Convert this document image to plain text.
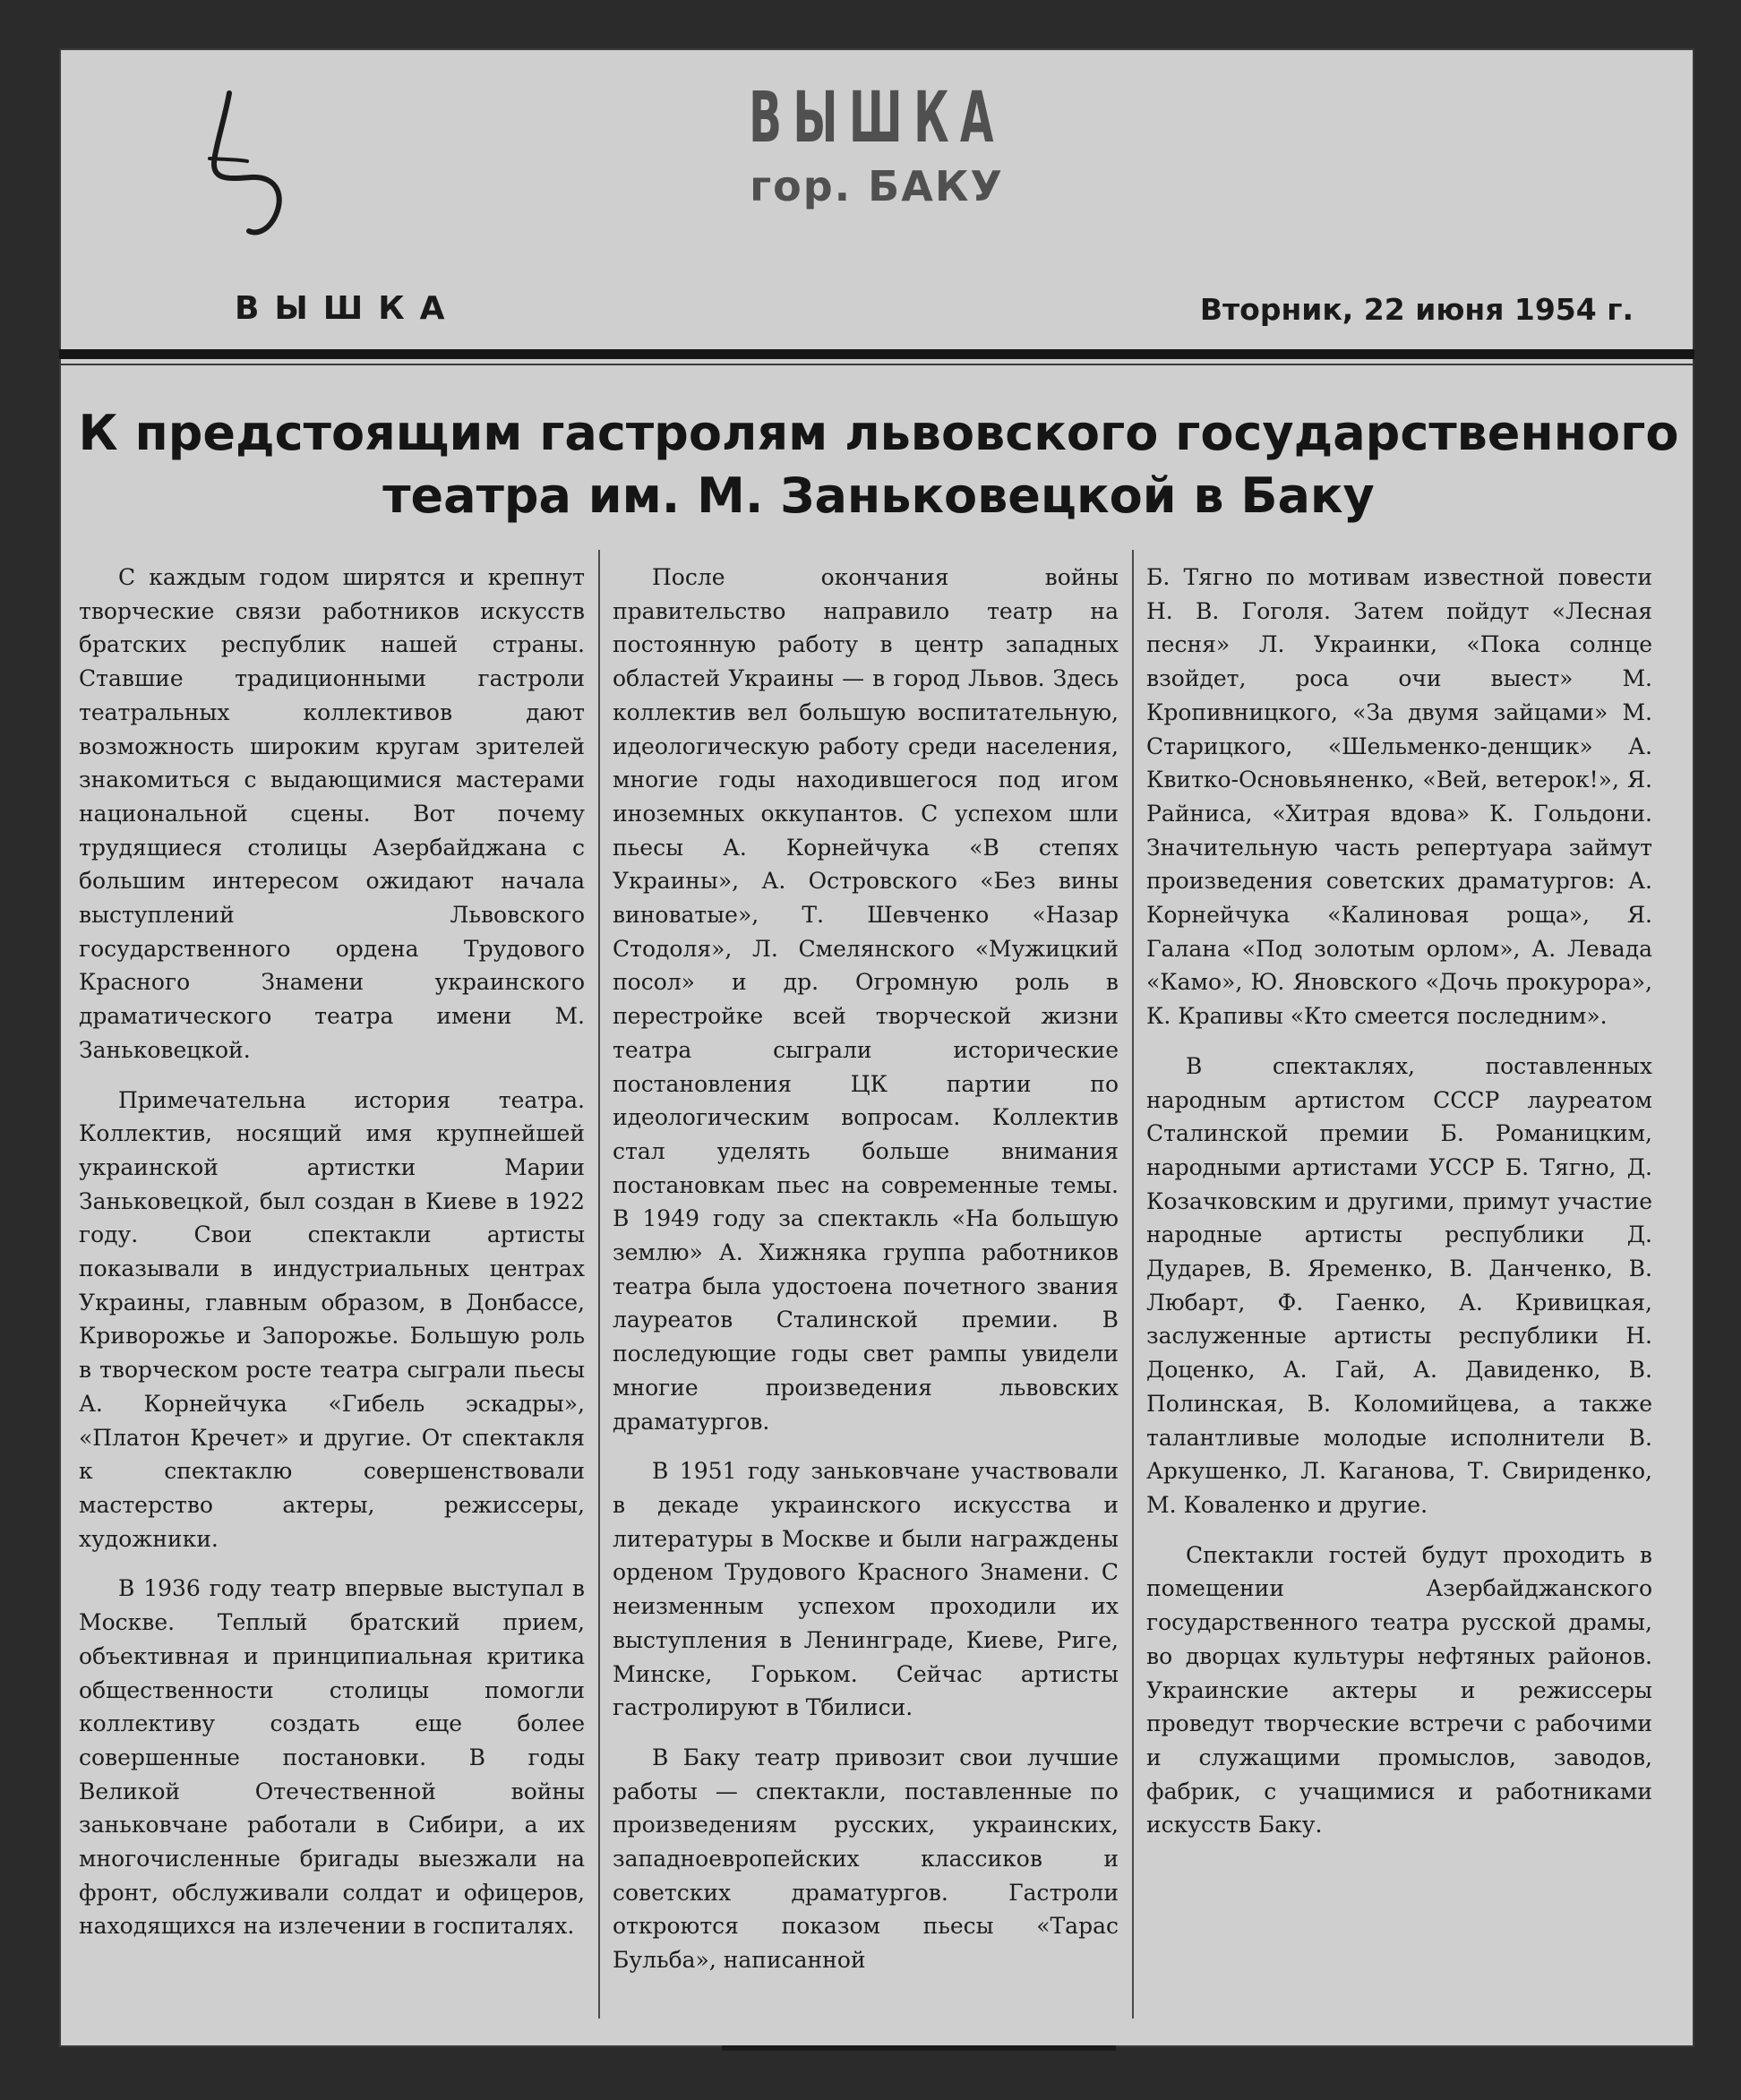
ВЫШКА
гор. БАКУ
ВЫШКА	Вторник, 22 июня 1954 г.
К предстоящим гастролям львовского государственного
театра им. М. Заньковецкой в Баку

С каждым годом ширятся и крепнут творческие связи работников искусств братских республик нашей страны. Ставшие традиционными гастроли театральных коллективов дают возможность широким кругам зрителей знакомиться с выдающимися мастерами национальной сцены. Вот почему трудящиеся столицы Азербайджана с большим интересом ожидают начала выступлений Львовского государственного ордена Трудового Красного Знамени украинского драматического театра имени М. Заньковецкой.

Примечательна история театра. Коллектив, носящий имя крупнейшей украинской артистки Марии Заньковецкой, был создан в Киеве в 1922 году. Свои спектакли артисты показывали в индустриальных центрах Украины, главным образом, в Донбассе, Криворожье и Запорожье. Большую роль в творческом росте театра сыграли пьесы А. Корнейчука «Гибель эскадры», «Платон Кречет» и другие. От спектакля к спектаклю совершенствовали мастерство актеры, режиссеры, художники.

В 1936 году театр впервые выступал в Москве. Теплый братский прием, объективная и принципиальная критика общественности столицы помогли коллективу создать еще более совершенные постановки. В годы Великой Отечественной войны заньковчане работали в Сибири, а их многочисленные бригады выезжали на фронт, обслуживали солдат и офицеров, находящихся на излечении в госпиталях.

После окончания войны правительство направило театр на постоянную работу в центр западных областей Украины — в город Львов. Здесь коллектив вел большую воспитательную, идеологическую работу среди населения, многие годы находившегося под игом иноземных оккупантов. С успехом шли пьесы А. Корнейчука «В степях Украины», А. Островского «Без вины виноватые», Т. Шевченко «Назар Стодоля», Л. Смелянского «Мужицкий посол» и др. Огромную роль в перестройке всей творческой жизни театра сыграли исторические постановления ЦК партии по идеологическим вопросам. Коллектив стал уделять больше внимания постановкам пьес на современные темы. В 1949 году за спектакль «На большую землю» А. Хижняка группа работников театра была удостоена почетного звания лауреатов Сталинской премии. В последующие годы свет рампы увидели многие произведения львовских драматургов.

В 1951 году заньковчане участвовали в декаде украинского искусства и литературы в Москве и были награждены орденом Трудового Красного Знамени. С неизменным успехом проходили их выступления в Ленинграде, Киеве, Риге, Минске, Горьком. Сейчас артисты гастролируют в Тбилиси.

В Баку театр привозит свои лучшие работы — спектакли, поставленные по произведениям русских, украинских, западноевропейских классиков и советских драматургов. Гастроли откроются показом пьесы «Тарас Бульба», написанной

Б. Тягно по мотивам известной повести Н. В. Гоголя. Затем пойдут «Лесная песня» Л. Украинки, «Пока солнце взойдет, роса очи выест» М. Кропивницкого, «За двумя зайцами» М. Старицкого, «Шельменко-денщик» А. Квитко-Основьяненко, «Вей, ветерок!», Я. Райниса, «Хитрая вдова» К. Гольдони. Значительную часть репертуара займут произведения советских драматургов: А. Корнейчука «Калиновая роща», Я. Галана «Под золотым орлом», А. Левада «Камо», Ю. Яновского «Дочь прокурора», К. Крапивы «Кто смеется последним».

В спектаклях, поставленных народным артистом СССР лауреатом Сталинской премии Б. Романицким, народными артистами УССР Б. Тягно, Д. Козачковским и другими, примут участие народные артисты республики Д. Дударев, В. Яременко, В. Данченко, В. Любарт, Ф. Гаенко, А. Кривицкая, заслуженные артисты республики Н. Доценко, А. Гай, А. Давиденко, В. Полинская, В. Коломийцева, а также талантливые молодые исполнители В. Аркушенко, Л. Каганова, Т. Свириденко, М. Коваленко и другие.

Спектакли гостей будут проходить в помещении Азербайджанского государственного театра русской драмы, во дворцах культуры нефтяных районов. Украинские актеры и режиссеры проведут творческие встречи с рабочими и служащими промыслов, заводов, фабрик, с учащимися и работниками искусств Баку.
